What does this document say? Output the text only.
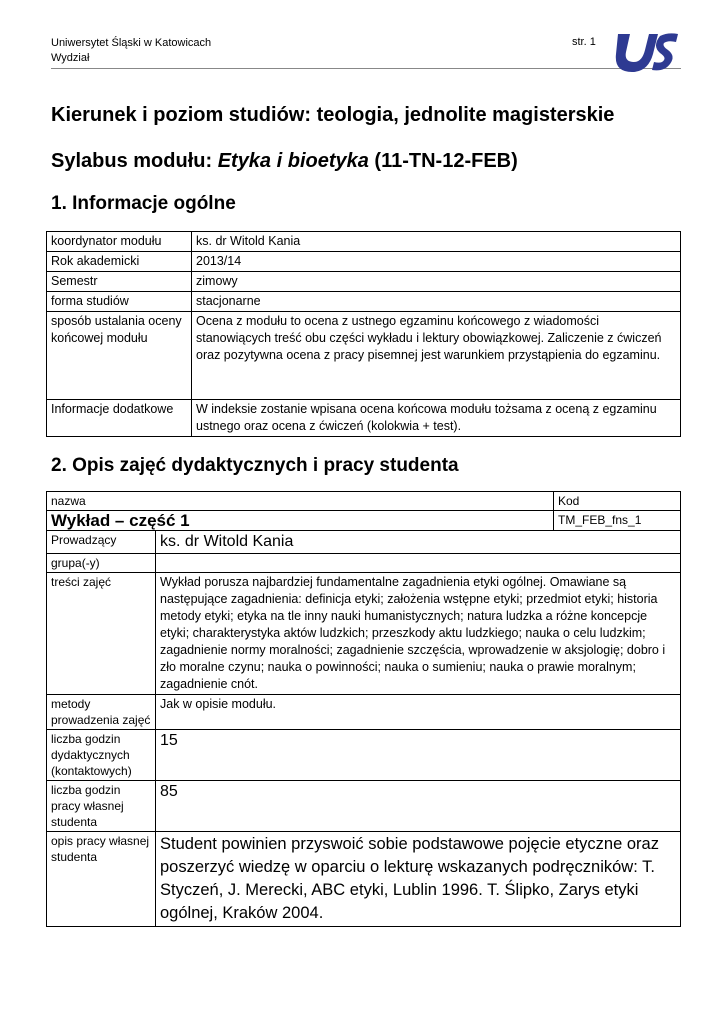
Uniwersytet Śląski w Katowicach
Wydział
str. 1
Kierunek i poziom studiów: teologia, jednolite magisterskie
Sylabus modułu: Etyka i bioetyka (11-TN-12-FEB)
1. Informacje ogólne
koordynator modułu	ks. dr Witold Kania
Rok akademicki	2013/14
Semestr	zimowy
forma studiów	stacjonarne
sposób ustalania oceny końcowej modułu	Ocena z modułu to ocena z ustnego egzaminu końcowego z wiadomości stanowiących treść obu części wykładu i lektury obowiązkowej. Zaliczenie z ćwiczeń oraz pozytywna ocena z pracy pisemnej jest warunkiem przystąpienia do egzaminu.
Informacje dodatkowe	W indeksie zostanie wpisana ocena końcowa modułu tożsama z oceną z egzaminu ustnego oraz ocena z ćwiczeń (kolokwia + test).
2. Opis zajęć dydaktycznych i pracy studenta
nazwa		Kod
Wykład – część 1		TM_FEB_fns_1
Prowadzący	ks. dr Witold Kania	
grupa(-y)		
treści zajęć	Wykład porusza najbardziej fundamentalne zagadnienia etyki ogólnej. Omawiane są następujące zagadnienia: definicja etyki; założenia wstępne etyki; przedmiot etyki; historia metody etyki; etyka na tle inny nauki humanistycznych; natura ludzka a różne koncepcje etyki; charakterystyka aktów ludzkich; przeszkody aktu ludzkiego; nauka o celu ludzkim; zagadnienie normy moralności; zagadnienie szczęścia, wprowadzenie w aksjologię; dobro i zło moralne czynu; nauka o powinności; nauka o sumieniu; nauka o prawie moralnym; zagadnienie cnót.	
metody prowadzenia zajęć	Jak w opisie modułu.	
liczba godzin dydaktycznych (kontaktowych)	15	
liczba godzin pracy własnej studenta	85	
opis pracy własnej studenta	Student powinien przyswoić sobie podstawowe pojęcie etyczne oraz poszerzyć wiedzę w oparciu o lekturę wskazanych podręczników: T. Styczeń, J. Merecki, ABC etyki, Lublin 1996. T. Ślipko, Zarys etyki ogólnej, Kraków 2004.	
